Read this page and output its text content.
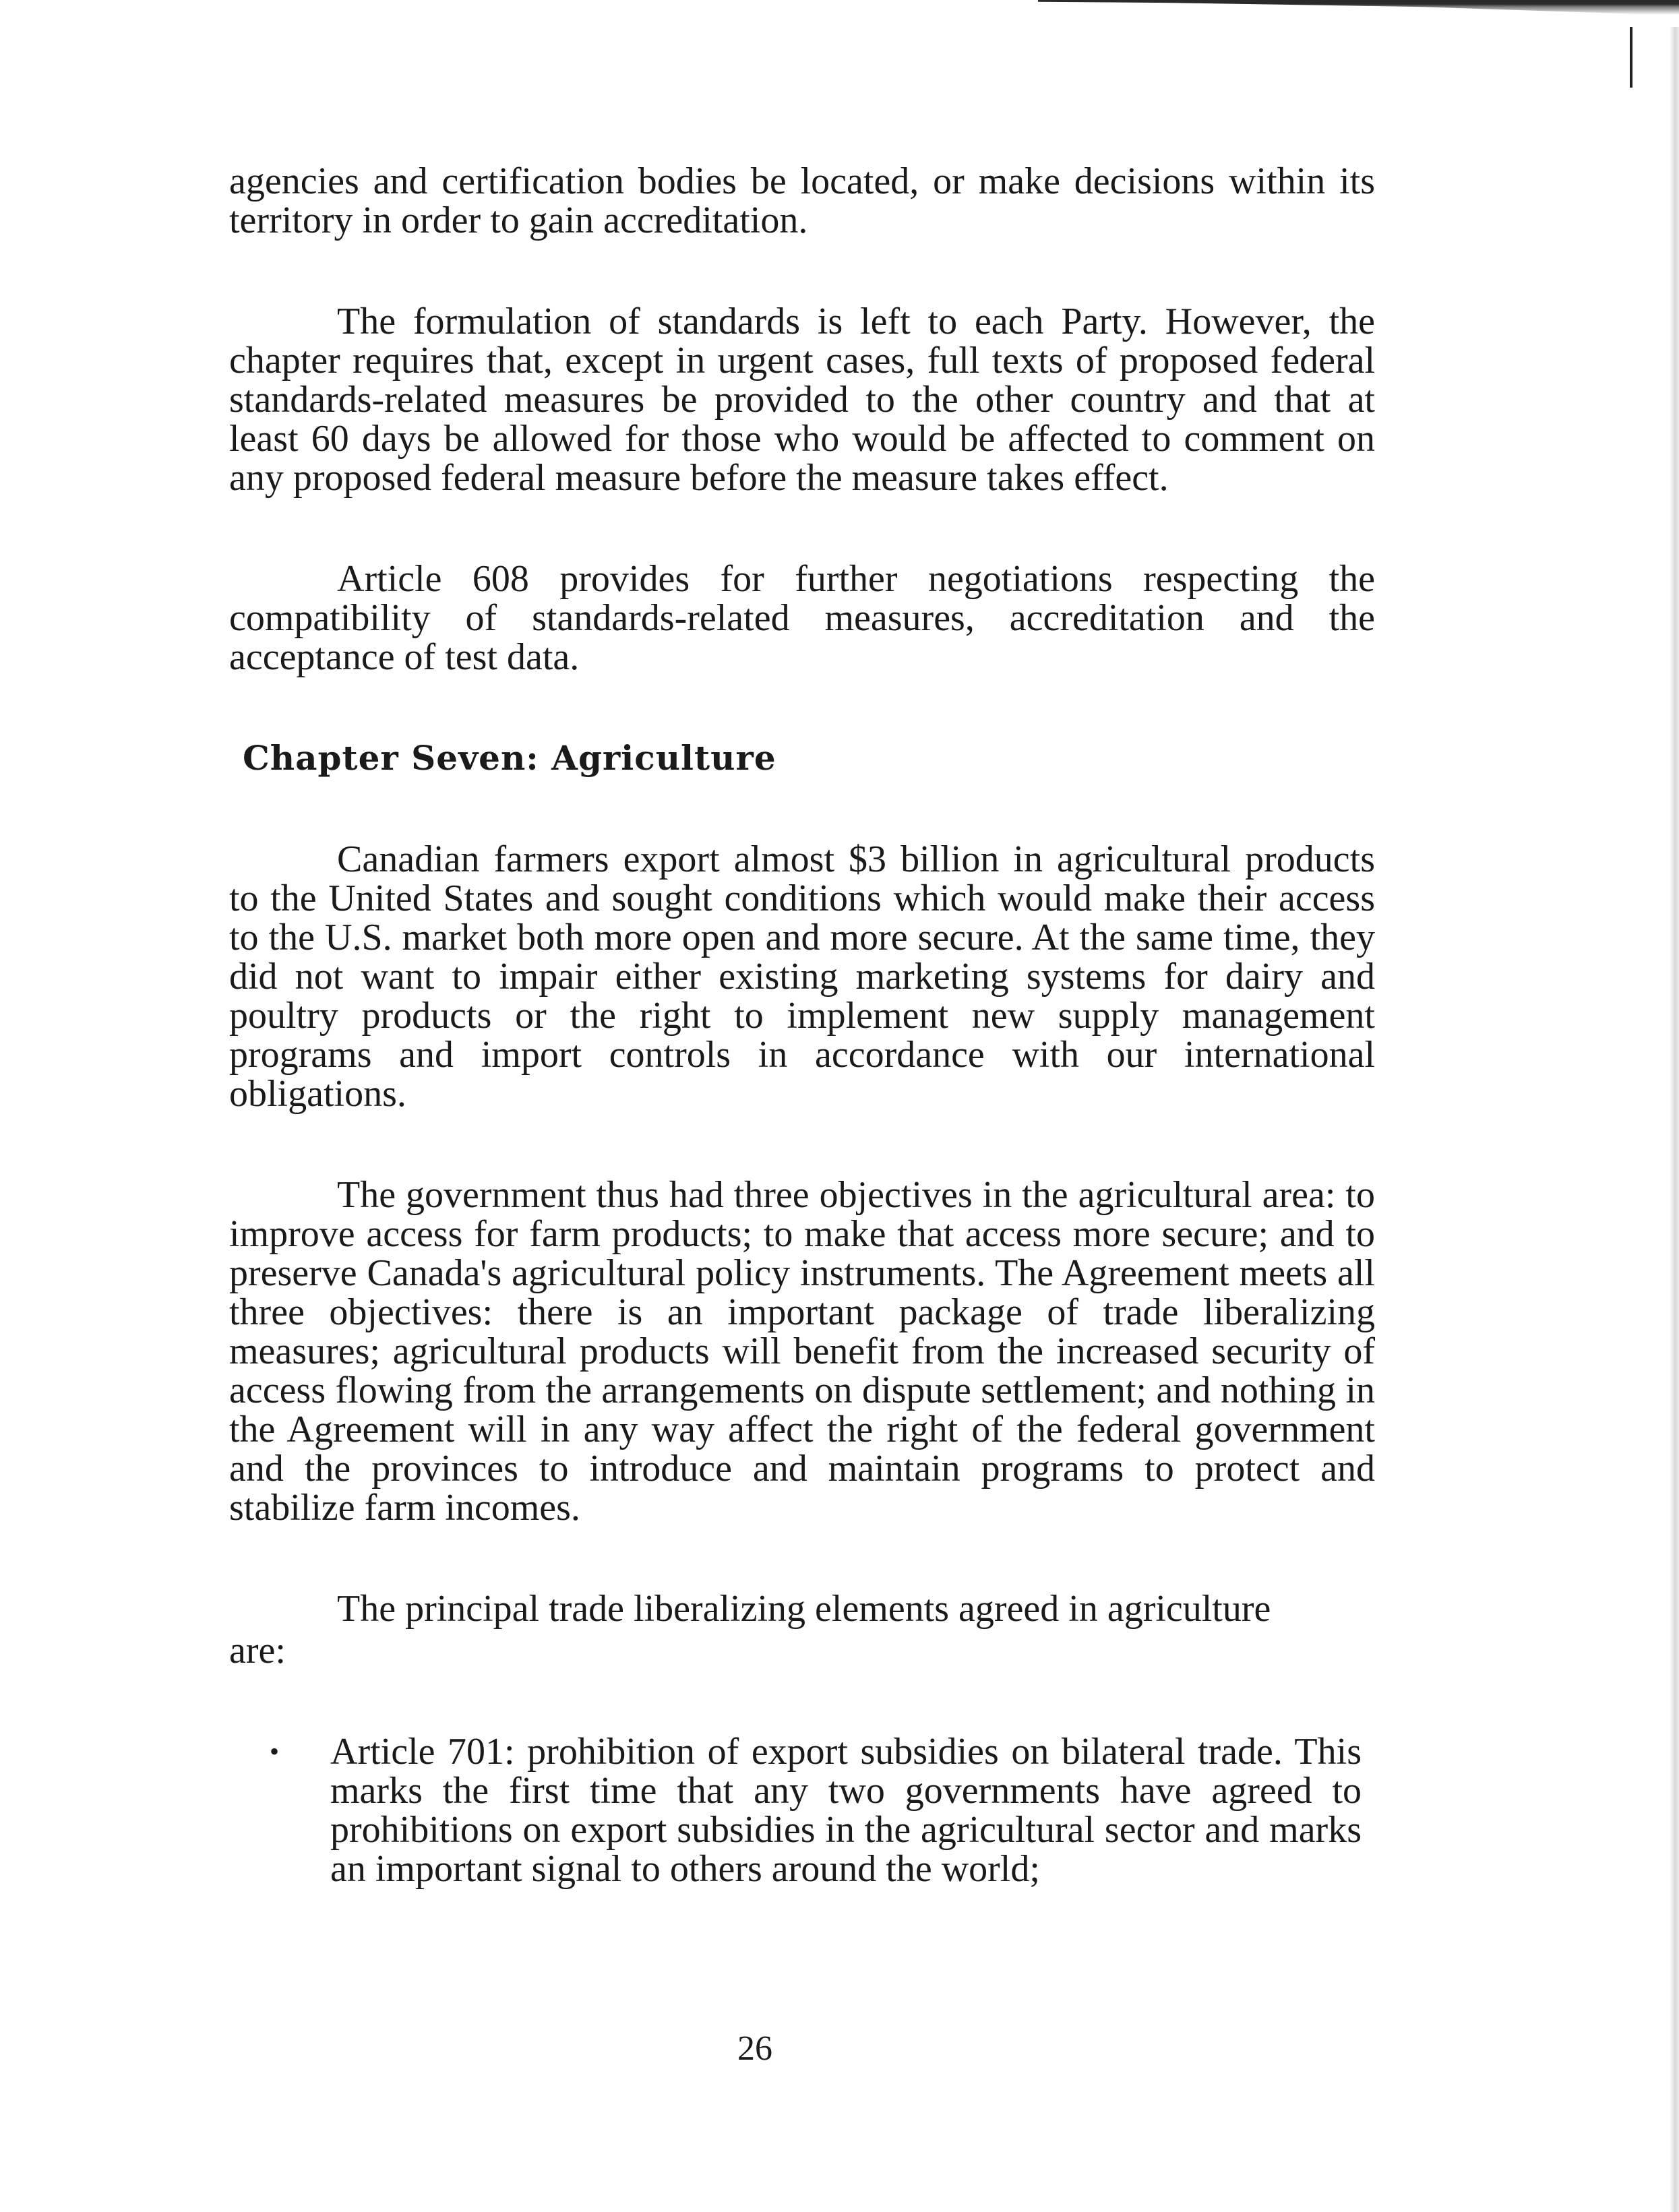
agencies and certification bodies be located, or make decisions within its territory in order to gain accreditation.

The formulation of standards is left to each Party. However, the chapter requires that, except in urgent cases, full texts of proposed federal standards-related measures be provided to the other country and that at least 60 days be allowed for those who would be affected to comment on any proposed federal measure before the measure takes effect.

Article 608 provides for further negotiations respecting the compatibility of standards-related measures, accreditation and the acceptance of test data.

Chapter Seven: Agriculture

Canadian farmers export almost $3 billion in agricultural products to the United States and sought conditions which would make their access to the U.S. market both more open and more secure. At the same time, they did not want to impair either existing marketing systems for dairy and poultry products or the right to implement new supply management programs and import controls in accordance with our international obligations.

The government thus had three objectives in the agricultural area: to improve access for farm products; to make that access more secure; and to preserve Canada's agricultural policy instruments. The Agreement meets all three objectives: there is an important package of trade liberalizing measures; agricultural products will benefit from the increased security of access flowing from the arrangements on dispute settlement; and nothing in the Agreement will in any way affect the right of the federal government and the provinces to introduce and maintain programs to protect and stabilize farm incomes.

The principal trade liberalizing elements agreed in agriculture
are:
•	Article 701: prohibition of export subsidies on bilateral trade. This marks the first time that any two governments have agreed to prohibitions on export subsidies in the agricultural sector and marks an important signal to others around the world;
26
